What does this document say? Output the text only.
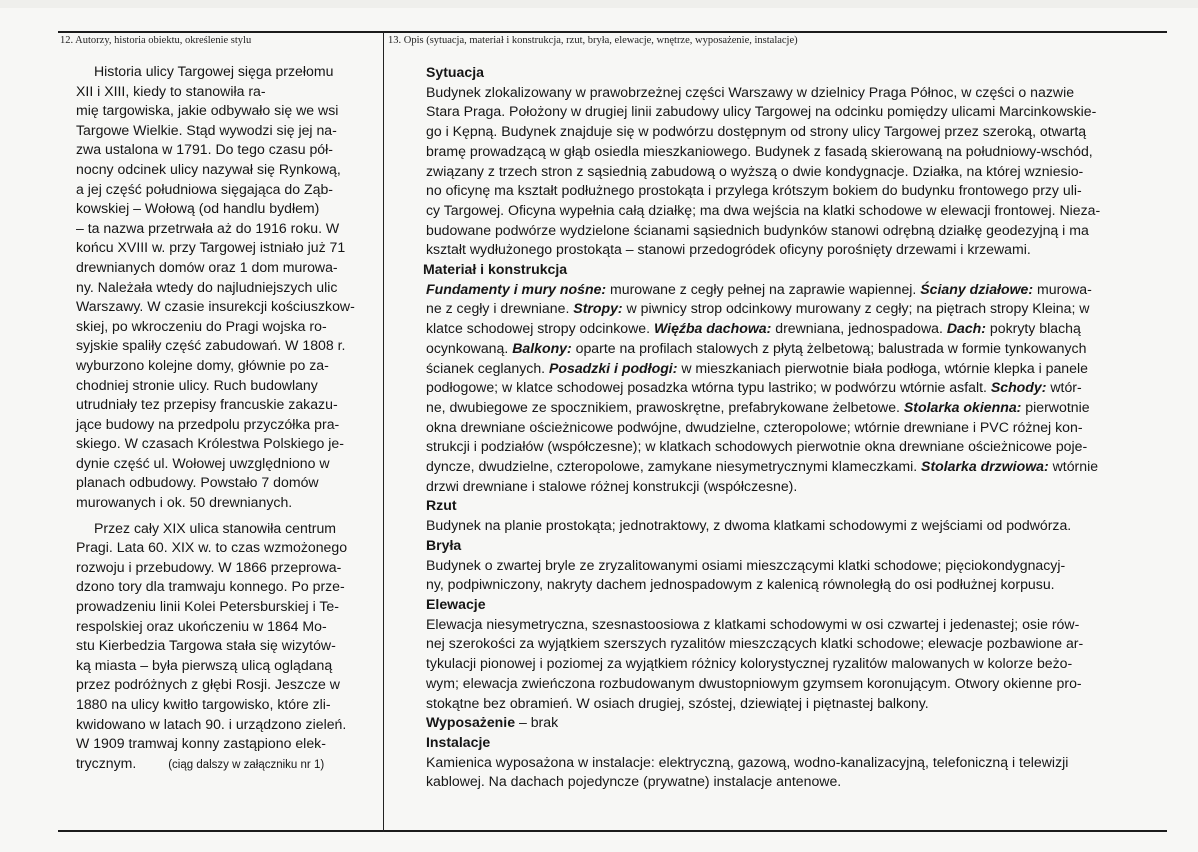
12. Autorzy, historia obiektu, określenie stylu	13. Opis (sytuacja, materiał i konstrukcja, rzut, bryła, elewacje, wnętrze, wyposażenie, instalacje)
Historia ulicy Targowej sięga przełomu
XII i XIII, kiedy to stanowiła ra-
mię targowiska, jakie odbywało się we wsi
Targowe Wielkie. Stąd wywodzi się jej na-
zwa ustalona w 1791. Do tego czasu pół-
nocny odcinek ulicy nazywał się Rynkową,
a jej część południowa sięgająca do Ząb-
kowskiej – Wołową (od handlu bydłem)
– ta nazwa przetrwała aż do 1916 roku. W
końcu XVIII w. przy Targowej istniało już 71
drewnianych domów oraz 1 dom murowa-
ny. Należała wtedy do najludniejszych ulic
Warszawy. W czasie insurekcji kościuszkow-
skiej, po wkroczeniu do Pragi wojska ro-
syjskie spaliły część zabudowań. W 1808 r.
wyburzono kolejne domy, głównie po za-
chodniej stronie ulicy. Ruch budowlany
utrudniały tez przepisy francuskie zakazu-
jące budowy na przedpolu przyczółka pra-
skiego. W czasach Królestwa Polskiego je-
dynie część ul. Wołowej uwzględniono w
planach odbudowy. Powstało 7 domów
murowanych i ok. 50 drewnianych.
Przez cały XIX ulica stanowiła centrum
Pragi. Lata 60. XIX w. to czas wzmożonego
rozwoju i przebudowy. W 1866 przeprowa-
dzono tory dla tramwaju konnego. Po prze-
prowadzeniu linii Kolei Petersburskiej i Te-
respolskiej oraz ukończeniu w 1864 Mo-
stu Kierbedzia Targowa stała się wizytów-
ką miasta – była pierwszą ulicą oglądaną
przez podróżnych z głębi Rosji. Jeszcze w
1880 na ulicy kwitło targowisko, które zli-
kwidowano w latach 90. i urządzono zieleń.
W 1909 tramwaj konny zastąpiono elek-
trycznym.	(ciąg dalszy w załączniku nr 1)
Sytuacja
Budynek zlokalizowany w prawobrzeżnej części Warszawy w dzielnicy Praga Północ, w części o nazwie
Stara Praga. Położony w drugiej linii zabudowy ulicy Targowej na odcinku pomiędzy ulicami Marcinkowskie-
go i Kępną. Budynek znajduje się w podwórzu dostępnym od strony ulicy Targowej przez szeroką, otwartą
bramę prowadzącą w głąb osiedla mieszkaniowego. Budynek z fasadą skierowaną na południowy-wschód,
związany z trzech stron z sąsiednią zabudową o wyższą o dwie kondygnacje. Działka, na której wzniesio-
no oficynę ma kształt podłużnego prostokąta i przylega krótszym bokiem do budynku frontowego przy uli-
cy Targowej. Oficyna wypełnia całą działkę; ma dwa wejścia na klatki schodowe w elewacji frontowej. Nieza-
budowane podwórze wydzielone ścianami sąsiednich budynków stanowi odrębną działkę geodezyjną i ma
kształt wydłużonego prostokąta – stanowi przedogródek oficyny porośnięty drzewami i krzewami.
Materiał i konstrukcja
Fundamenty i mury nośne: murowane z cegły pełnej na zaprawie wapiennej. Ściany działowe: murowa-
ne z cegły i drewniane. Stropy: w piwnicy strop odcinkowy murowany z cegły; na piętrach stropy Kleina; w
klatce schodowej stropy odcinkowe. Więźba dachowa: drewniana, jednospadowa. Dach: pokryty blachą
ocynkowaną. Balkony: oparte na profilach stalowych z płytą żelbetową; balustrada w formie tynkowanych
ścianek ceglanych. Posadzki i podłogi: w mieszkaniach pierwotnie biała podłoga, wtórnie klepka i panele
podłogowe; w klatce schodowej posadzka wtórna typu lastriko; w podwórzu wtórnie asfalt. Schody: wtór-
ne, dwubiegowe ze spocznikiem, prawoskrętne, prefabrykowane żelbetowe. Stolarka okienna: pierwotnie
okna drewniane ościeżnicowe podwójne, dwudzielne, czteropolowe; wtórnie drewniane i PVC różnej kon-
strukcji i podziałów (współczesne); w klatkach schodowych pierwotnie okna drewniane ościeżnicowe poje-
dyncze, dwudzielne, czteropolowe, zamykane niesymetrycznymi klameczkami. Stolarka drzwiowa: wtórnie
drzwi drewniane i stalowe różnej konstrukcji (współczesne).
Rzut
Budynek na planie prostokąta; jednotraktowy, z dwoma klatkami schodowymi z wejściami od podwórza.
Bryła
Budynek o zwartej bryle ze zryzalitowanymi osiami mieszczącymi klatki schodowe; pięciokondygnacyj-
ny, podpiwniczony, nakryty dachem jednospadowym z kalenicą równoległą do osi podłużnej korpusu.
Elewacje
Elewacja niesymetryczna, szesnastoosiowa z klatkami schodowymi w osi czwartej i jedenastej; osie rów-
nej szerokości za wyjątkiem szerszych ryzalitów mieszczących klatki schodowe; elewacje pozbawione ar-
tykulacji pionowej i poziomej za wyjątkiem różnicy kolorystycznej ryzalitów malowanych w kolorze beżo-
wym; elewacja zwieńczona rozbudowanym dwustopniowym gzymsem koronującym. Otwory okienne pro-
stokątne bez obramień. W osiach drugiej, szóstej, dziewiątej i piętnastej balkony.
Wyposażenie – brak
Instalacje
Kamienica wyposażona w instalacje: elektryczną, gazową, wodno-kanalizacyjną, telefoniczną i telewizji
kablowej. Na dachach pojedyncze (prywatne) instalacje antenowe.
